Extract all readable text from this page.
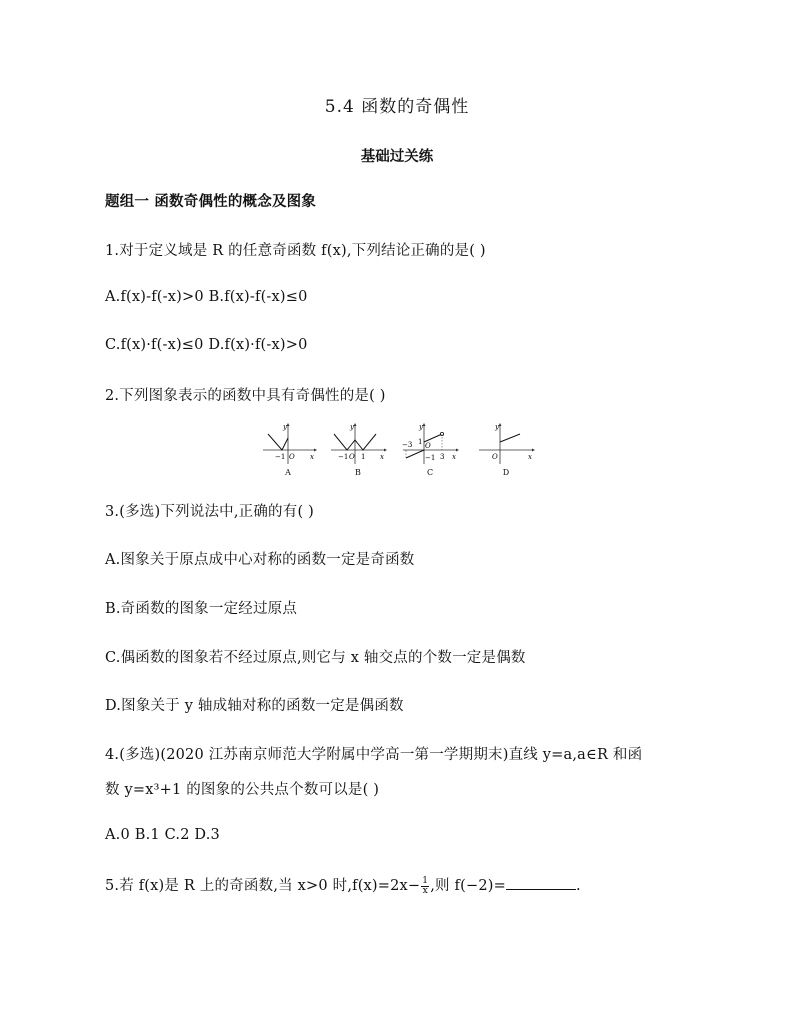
5.4 函数的奇偶性
基础过关练
题组一 函数奇偶性的概念及图象
1.对于定义域是 R 的任意奇函数 f(x),下列结论正确的是( )
A.f(x)-f(-x)>0 B.f(x)-f(-x)≤0
C.f(x)·f(-x)≤0 D.f(x)·f(-x)>0
2.下列图象表示的函数中具有奇偶性的是( )
y
−1 O x
A
y
−1 O 1 x
B
y
−3 1 O
−1 3 x
C
y
O	x
D
3.(多选)下列说法中,正确的有( )
A.图象关于原点成中心对称的函数一定是奇函数
B.奇函数的图象一定经过原点
C.偶函数的图象若不经过原点,则它与 x 轴交点的个数一定是偶数
D.图象关于 y 轴成轴对称的函数一定是偶函数
4.(多选)(2020 江苏南京师范大学附属中学高一第一学期期末)直线 y=a,a∈R 和函
数 y=x³+1 的图象的公共点个数可以是( )
A.0 B.1 C.2 D.3
5.若 f(x)是 R 上的奇函数,当 x>0 时$,f(x)=2x- \frac{1}{x}$ ,则 f(−2)=	.
